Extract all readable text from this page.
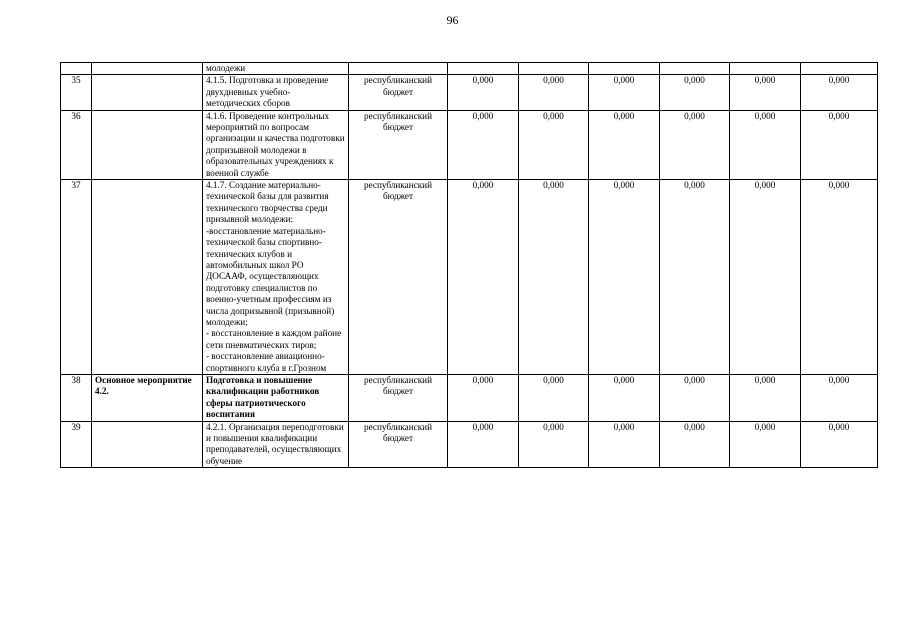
96
		молодежи							
35		4.1.5. Подготовка и проведение двухдневных учебно-методических сборов	республиканский бюджет	0,000	0,000	0,000	0,000	0,000	0,000
36		4.1.6. Проведение контрольных мероприятий по вопросам организации и качества подготовки допризывной молодежи в образовательных учреждениях к военной службе	республиканский бюджет	0,000	0,000	0,000	0,000	0,000	0,000
37		4.1.7. Создание материально-технической базы для развития технического творчества среди призывной молодежи:
-восстановление материально-технической базы спортивно-технических клубов и автомобильных школ РО ДОСААФ, осуществляющих подготовку специалистов по военно-учетным профессиям из числа допризывной (призывной) молодежи;
- восстановление в каждом районе сети пневматических тиров;
- восстановление авиационно-спортивного клуба в г.Грозном	республиканский бюджет	0,000	0,000	0,000	0,000	0,000	0,000
38	Основное мероприятие 4.2.	Подготовка и повышение квалификации работников сферы патриотического воспитания	республиканский бюджет	0,000	0,000	0,000	0,000	0,000	0,000
39		4.2.1. Организация переподготовки и повышения квалификации преподавателей, осуществляющих обучение	республиканский бюджет	0,000	0,000	0,000	0,000	0,000	0,000
